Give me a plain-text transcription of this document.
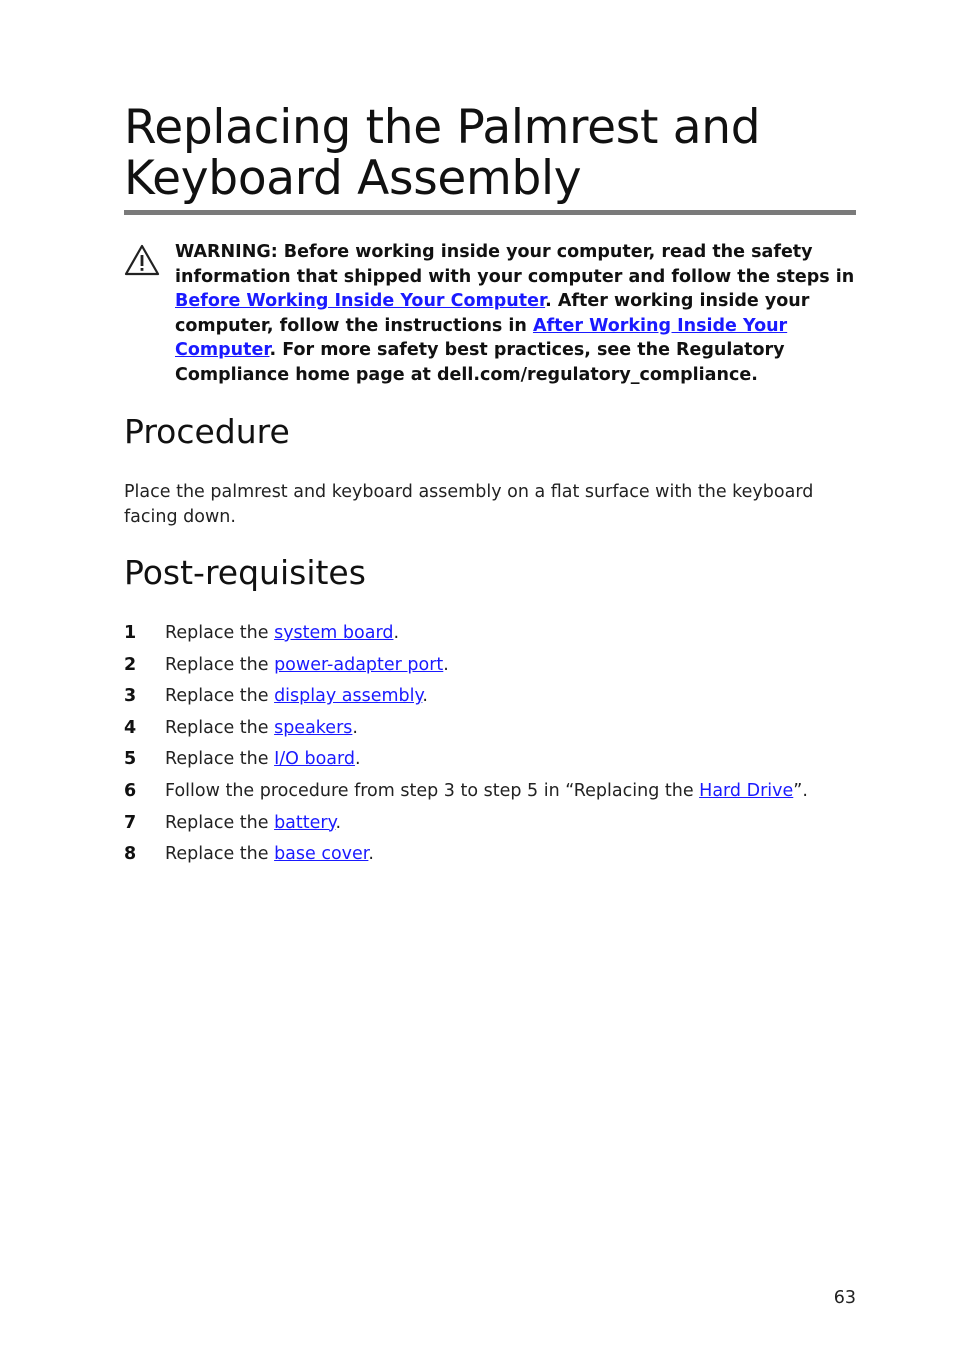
Replacing the Palmrest and Keyboard Assembly
WARNING: Before working inside your computer, read the safety information that shipped with your computer and follow the steps in Before Working Inside Your Computer. After working inside your computer, follow the instructions in After Working Inside Your Computer. For more safety best practices, see the Regulatory Compliance home page at dell.com/regulatory_compliance.
Procedure

Place the palmrest and keyboard assembly on a flat surface with the keyboard facing down.

Post-requisites
1 Replace the system board.
2 Replace the power-adapter port.
3 Replace the display assembly.
4 Replace the speakers.
5 Replace the I/O board.
6 Follow the procedure from step 3 to step 5 in “Replacing the Hard Drive”.
7 Replace the battery.
8 Replace the base cover.
63
